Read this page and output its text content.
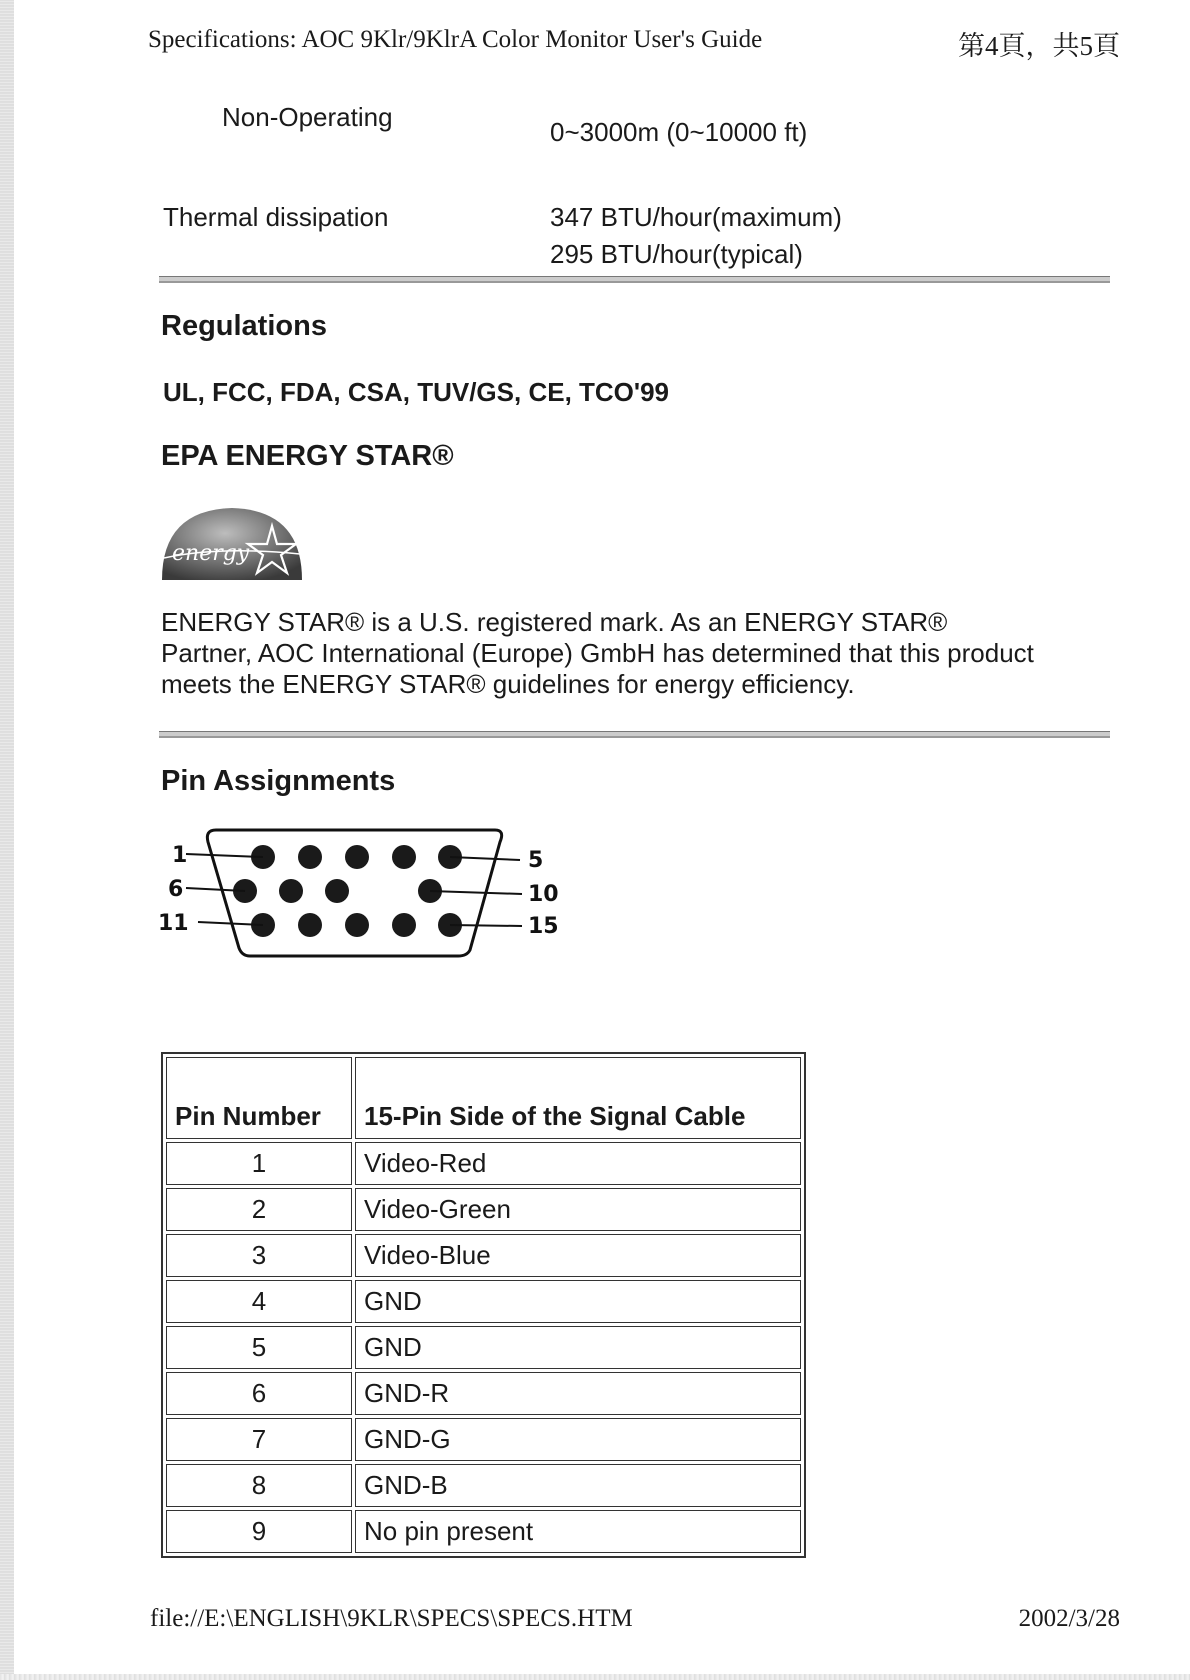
Specifications: AOC 9Klr/9KlrA Color Monitor User's Guide	第4頁，共5頁
Non-Operating	0~3000m (0~10000 ft)
Thermal dissipation	347 BTU/hour(maximum)
295 BTU/hour(typical)
Regulations
UL, FCC, FDA, CSA, TUV/GS, CE, TCO'99
EPA ENERGY STAR®
energy
ENERGY STAR® is a U.S. registered mark. As an ENERGY STAR®
Partner, AOC International (Europe) GmbH has determined that this product
meets the ENERGY STAR® guidelines for energy efficiency.
Pin Assignments
1
6
11
5
10
15
Pin Number	15-Pin Side of the Signal Cable
1	Video-Red
2	Video-Green
3	Video-Blue
4	GND
5	GND
6	GND-R
7	GND-G
8	GND-B
9	No pin present
file://E:\ENGLISH\9KLR\SPECS\SPECS.HTM	2002/3/28
